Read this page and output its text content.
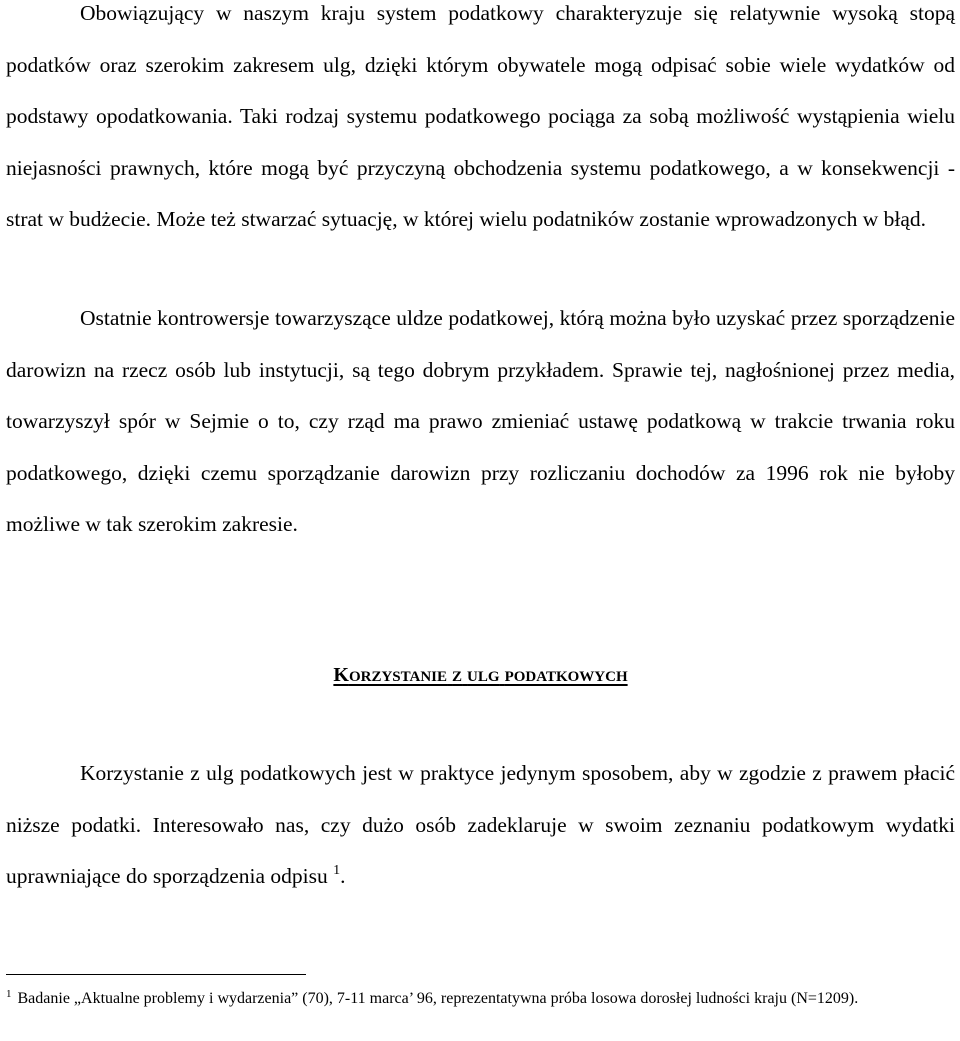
Obowiązujący w naszym kraju system podatkowy charakteryzuje się relatywnie wysoką stopą podatków oraz szerokim zakresem ulg, dzięki którym obywatele mogą odpisać sobie wiele wydatków od podstawy opodatkowania. Taki rodzaj systemu podatkowego pociąga za sobą możliwość wystąpienia wielu niejasności prawnych, które mogą być przyczyną obchodzenia systemu podatkowego, a w konsekwencji - strat w budżecie. Może też stwarzać sytuację, w której wielu podatników zostanie wprowadzonych w błąd.

Ostatnie kontrowersje towarzyszące uldze podatkowej, którą można było uzyskać przez sporządzenie darowizn na rzecz osób lub instytucji, są tego dobrym przykładem. Sprawie tej, nagłośnionej przez media, towarzyszył spór w Sejmie o to, czy rząd ma prawo zmieniać ustawę podatkową w trakcie trwania roku podatkowego, dzięki czemu sporządzanie darowizn przy rozliczaniu dochodów za 1996 rok nie byłoby możliwe w tak szerokim zakresie.

KORZYSTANIE Z ULG PODATKOWYCH

Korzystanie z ulg podatkowych jest w praktyce jedynym sposobem, aby w zgodzie z prawem płacić niższe podatki. Interesowało nas, czy dużo osób zadeklaruje w swoim zeznaniu podatkowym wydatki uprawniające do sporządzenia odpisu $^1$.

$^1$ Badanie „Aktualne problemy i wydarzenia” (70), 7-11 marca’ 96, reprezentatywna próba losowa dorosłej ludności kraju (N=1209).
